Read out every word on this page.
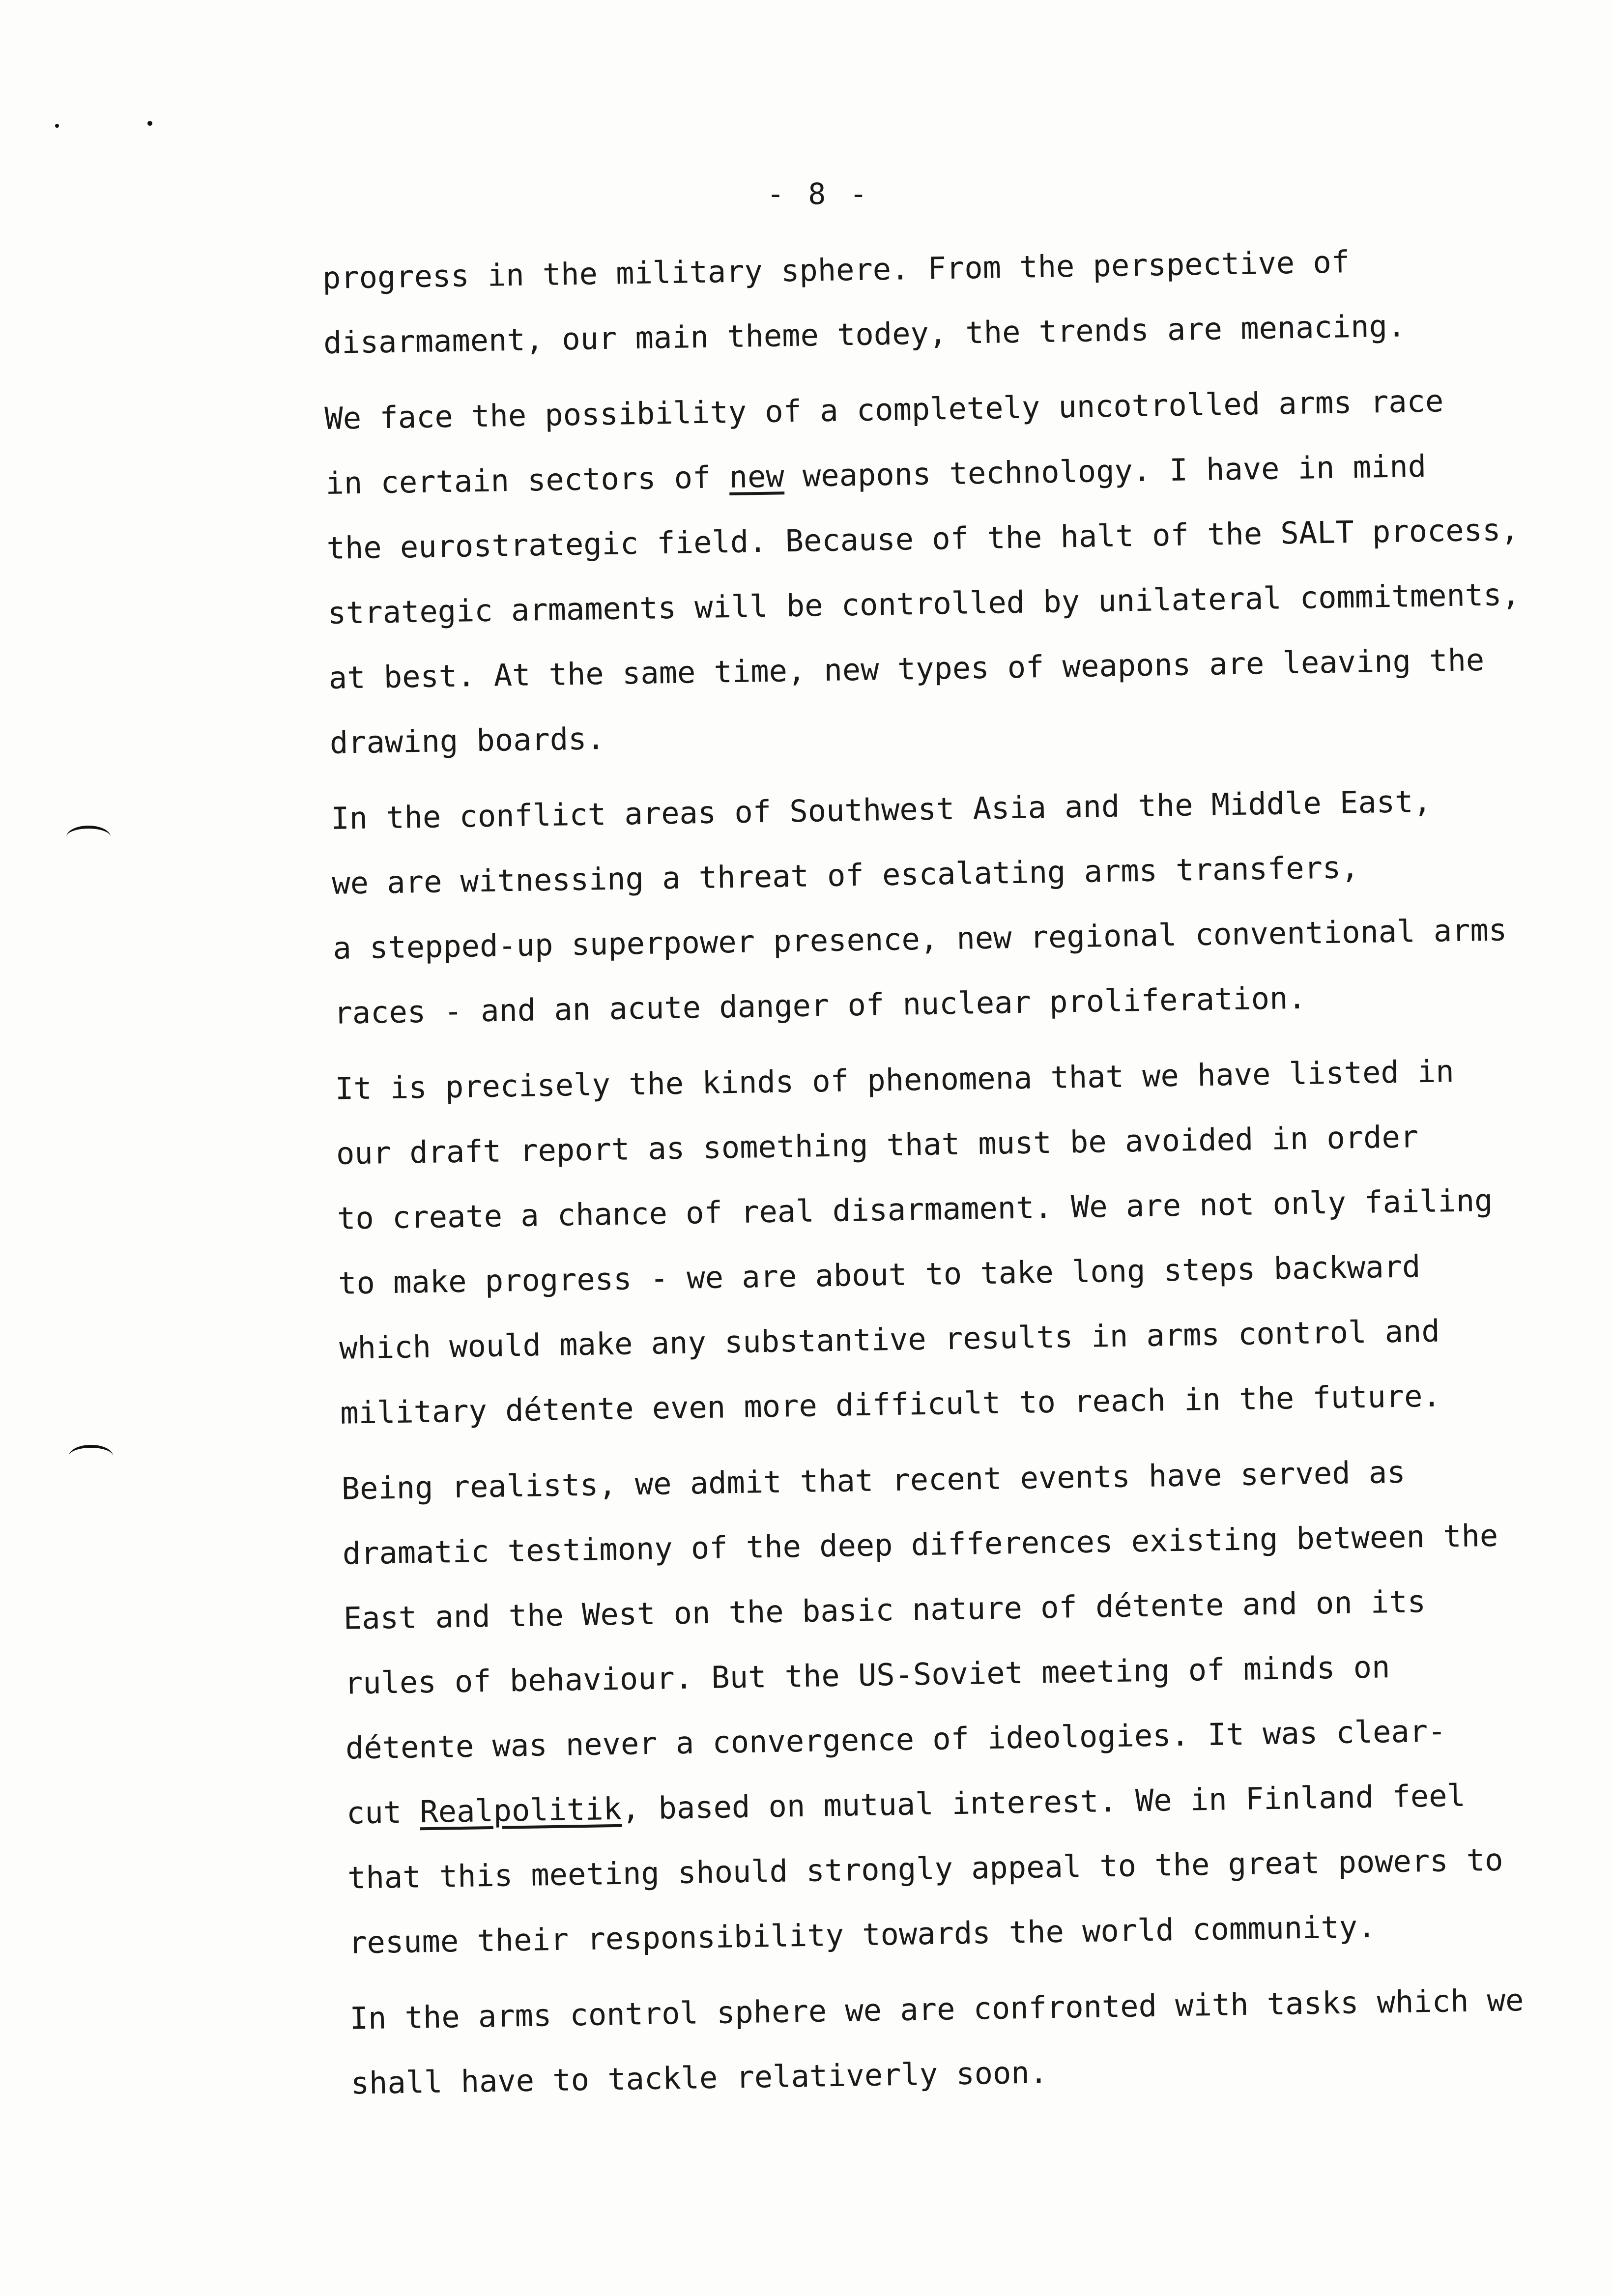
- 8 -
progress in the military sphere. From the perspective of
disarmament, our main theme todey, the trends are menacing.
We face the possibility of a completely uncotrolled arms race
in certain sectors of new weapons technology. I have in mind
the eurostrategic field. Because of the halt of the SALT process,
strategic armaments will be controlled by unilateral commitments,
at best. At the same time, new types of weapons are leaving the
drawing boards.
In the conflict areas of Southwest Asia and the Middle East,
we are witnessing a threat of escalating arms transfers,
a stepped-up superpower presence, new regional conventional arms
races - and an acute danger of nuclear proliferation.
It is precisely the kinds of phenomena that we have listed in
our draft report as something that must be avoided in order
to create a chance of real disarmament. We are not only failing
to make progress - we are about to take long steps backward
which would make any substantive results in arms control and
military détente even more difficult to reach in the future.
Being realists, we admit that recent events have served as
dramatic testimony of the deep differences existing between the
East and the West on the basic nature of détente and on its
rules of behaviour. But the US-Soviet meeting of minds on
détente was never a convergence of ideologies. It was clear-
cut Realpolitik, based on mutual interest. We in Finland feel
that this meeting should strongly appeal to the great powers to
resume their responsibility towards the world community.
In the arms control sphere we are confronted with tasks which we
shall have to tackle relativerly soon.
